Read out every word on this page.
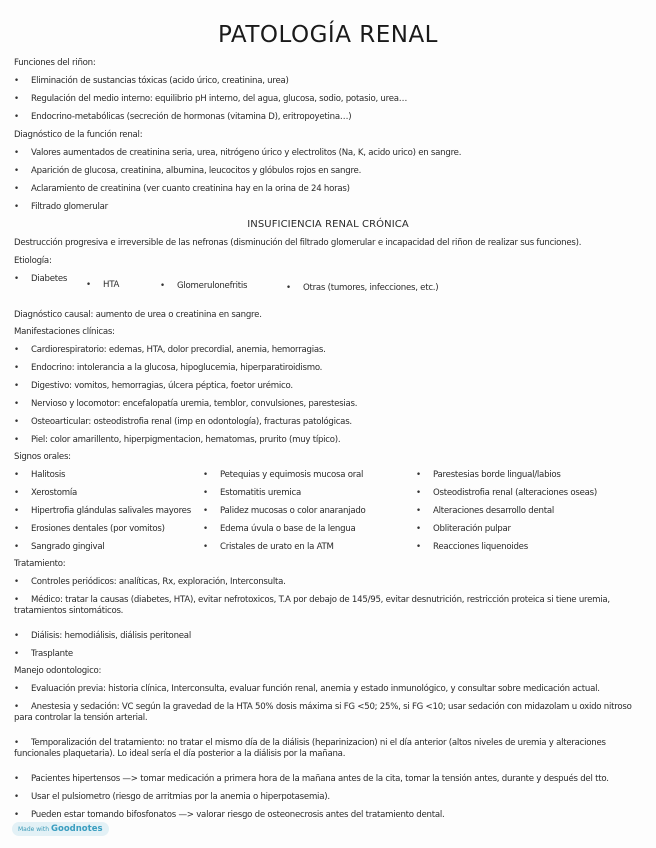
PATOLOGÍA RENAL
Funciones del riñon:
• Eliminación de sustancias tóxicas (acido úrico, creatinina, urea)
• Regulación del medio interno: equilibrio pH interno, del agua, glucosa, sodio, potasio, urea…
• Endocrino-metabólicas (secreción de hormonas (vitamina D), eritropoyetina…)
Diagnóstico de la función renal:
• Valores aumentados de creatinina seria, urea, nitrógeno úrico y electrolitos (Na, K, acido urico) en sangre.
• Aparición de glucosa, creatinina, albumina, leucocitos y glóbulos rojos en sangre.
• Aclaramiento de creatinina (ver cuanto creatinina hay en la orina de 24 horas)
• Filtrado glomerular
INSUFICIENCIA RENAL CRÓNICA
Destrucción progresiva e irreversible de las nefronas (disminución del filtrado glomerular e incapacidad del riñon de realizar sus funciones).
Etiología:
• Diabetes
• HTA	• Glomerulonefritis	• Otras (tumores, infecciones, etc.)
Diagnóstico causal: aumento de urea o creatinina en sangre.
Manifestaciones clínicas:
• Cardiorespiratorio: edemas, HTA, dolor precordial, anemia, hemorragias.
• Endocrino: intolerancia a la glucosa, hipoglucemia, hiperparatiroidismo.
• Digestivo: vomitos, hemorragias, úlcera péptica, foetor urémico.
• Nervioso y locomotor: encefalopatía uremia, temblor, convulsiones, parestesias.
• Osteoarticular: osteodistrofia renal (imp en odontología), fracturas patológicas.
• Piel: color amarillento, hiperpigmentacion, hematomas, prurito (muy típico).
Signos orales:
• Halitosis
• Xerostomía
• Hipertrofia glándulas salivales mayores
• Erosiones dentales (por vomitos)
• Sangrado gingival
• Petequias y equimosis mucosa oral
• Estomatitis uremica
• Palidez mucosas o color anaranjado
• Edema úvula o base de la lengua
• Cristales de urato en la ATM
• Parestesias borde lingual/labios
• Osteodistrofia renal (alteraciones oseas)
• Alteraciones desarrollo dental
• Obliteración pulpar
• Reacciones liquenoides
Tratamiento:
• Controles periódicos: analíticas, Rx, exploración, Interconsulta.
• Médico: tratar la causas (diabetes, HTA), evitar nefrotoxicos, T.A por debajo de 145/95, evitar desnutrición, restricción proteica si tiene uremia, tratamientos sintomáticos.
• Diálisis: hemodiálisis, diálisis peritoneal
• Trasplante
Manejo odontologico:
• Evaluación previa: historia clínica, Interconsulta, evaluar función renal, anemia y estado inmunológico, y consultar sobre medicación actual.
• Anestesia y sedación: VC según la gravedad de la HTA 50% dosis máxima si FG <50; 25%, si FG <10; usar sedación con midazolam u oxido nitroso para controlar la tensión arterial.
• Temporalización del tratamiento: no tratar el mismo día de la diálisis (heparinizacion) ni el día anterior (altos niveles de uremia y alteraciones funcionales plaquetaria). Lo ideal sería el día posterior a la diálisis por la mañana.
• Pacientes hipertensos —> tomar medicación a primera hora de la mañana antes de la cita, tomar la tensión antes, durante y después del tto.
• Usar el pulsiometro (riesgo de arritmias por la anemia o hiperpotasemia).
• Pueden estar tomando bifosfonatos —> valorar riesgo de osteonecrosis antes del tratamiento dental.
Made with Goodnotes
